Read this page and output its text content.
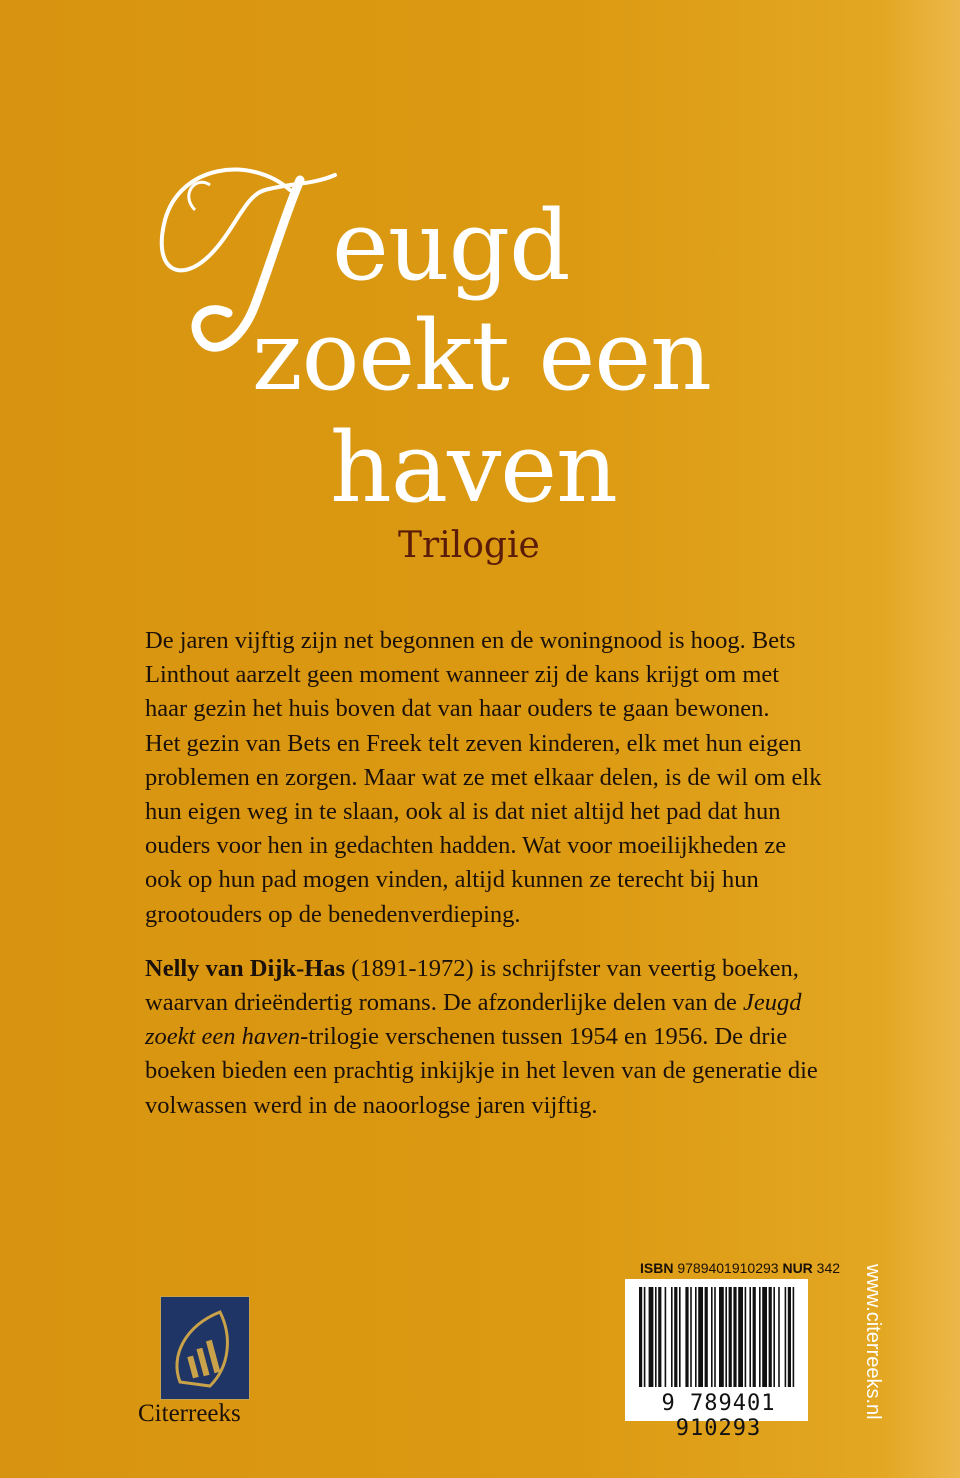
eugd
zoekt een
haven
Trilogie

De jaren vijftig zijn net begonnen en de woningnood is hoog. Bets Linthout aarzelt geen moment wanneer zij de kans krijgt om met haar gezin het huis boven dat van haar ouders te gaan bewonen.

Het gezin van Bets en Freek telt zeven kinderen, elk met hun eigen problemen en zorgen. Maar wat ze met elkaar delen, is de wil om elk hun eigen weg in te slaan, ook al is dat niet altijd het pad dat hun ouders voor hen in gedachten hadden. Wat voor moeilijkheden ze ook op hun pad mogen vinden, altijd kunnen ze terecht bij hun grootouders op de benedenverdieping.

Nelly van Dijk-Has (1891-1972) is schrijfster van veertig boeken, waarvan drieëndertig romans. De afzonderlijke delen van de Jeugd zoekt een haven-trilogie verschenen tussen 1954 en 1956. De drie boeken bieden een prachtig inkijkje in het leven van de generatie die volwassen werd in de naoorlogse jaren vijftig.

ISBN 9789401910293 NUR 342
9 789401 910293
www.citerreeks.nl
Citerreeks
